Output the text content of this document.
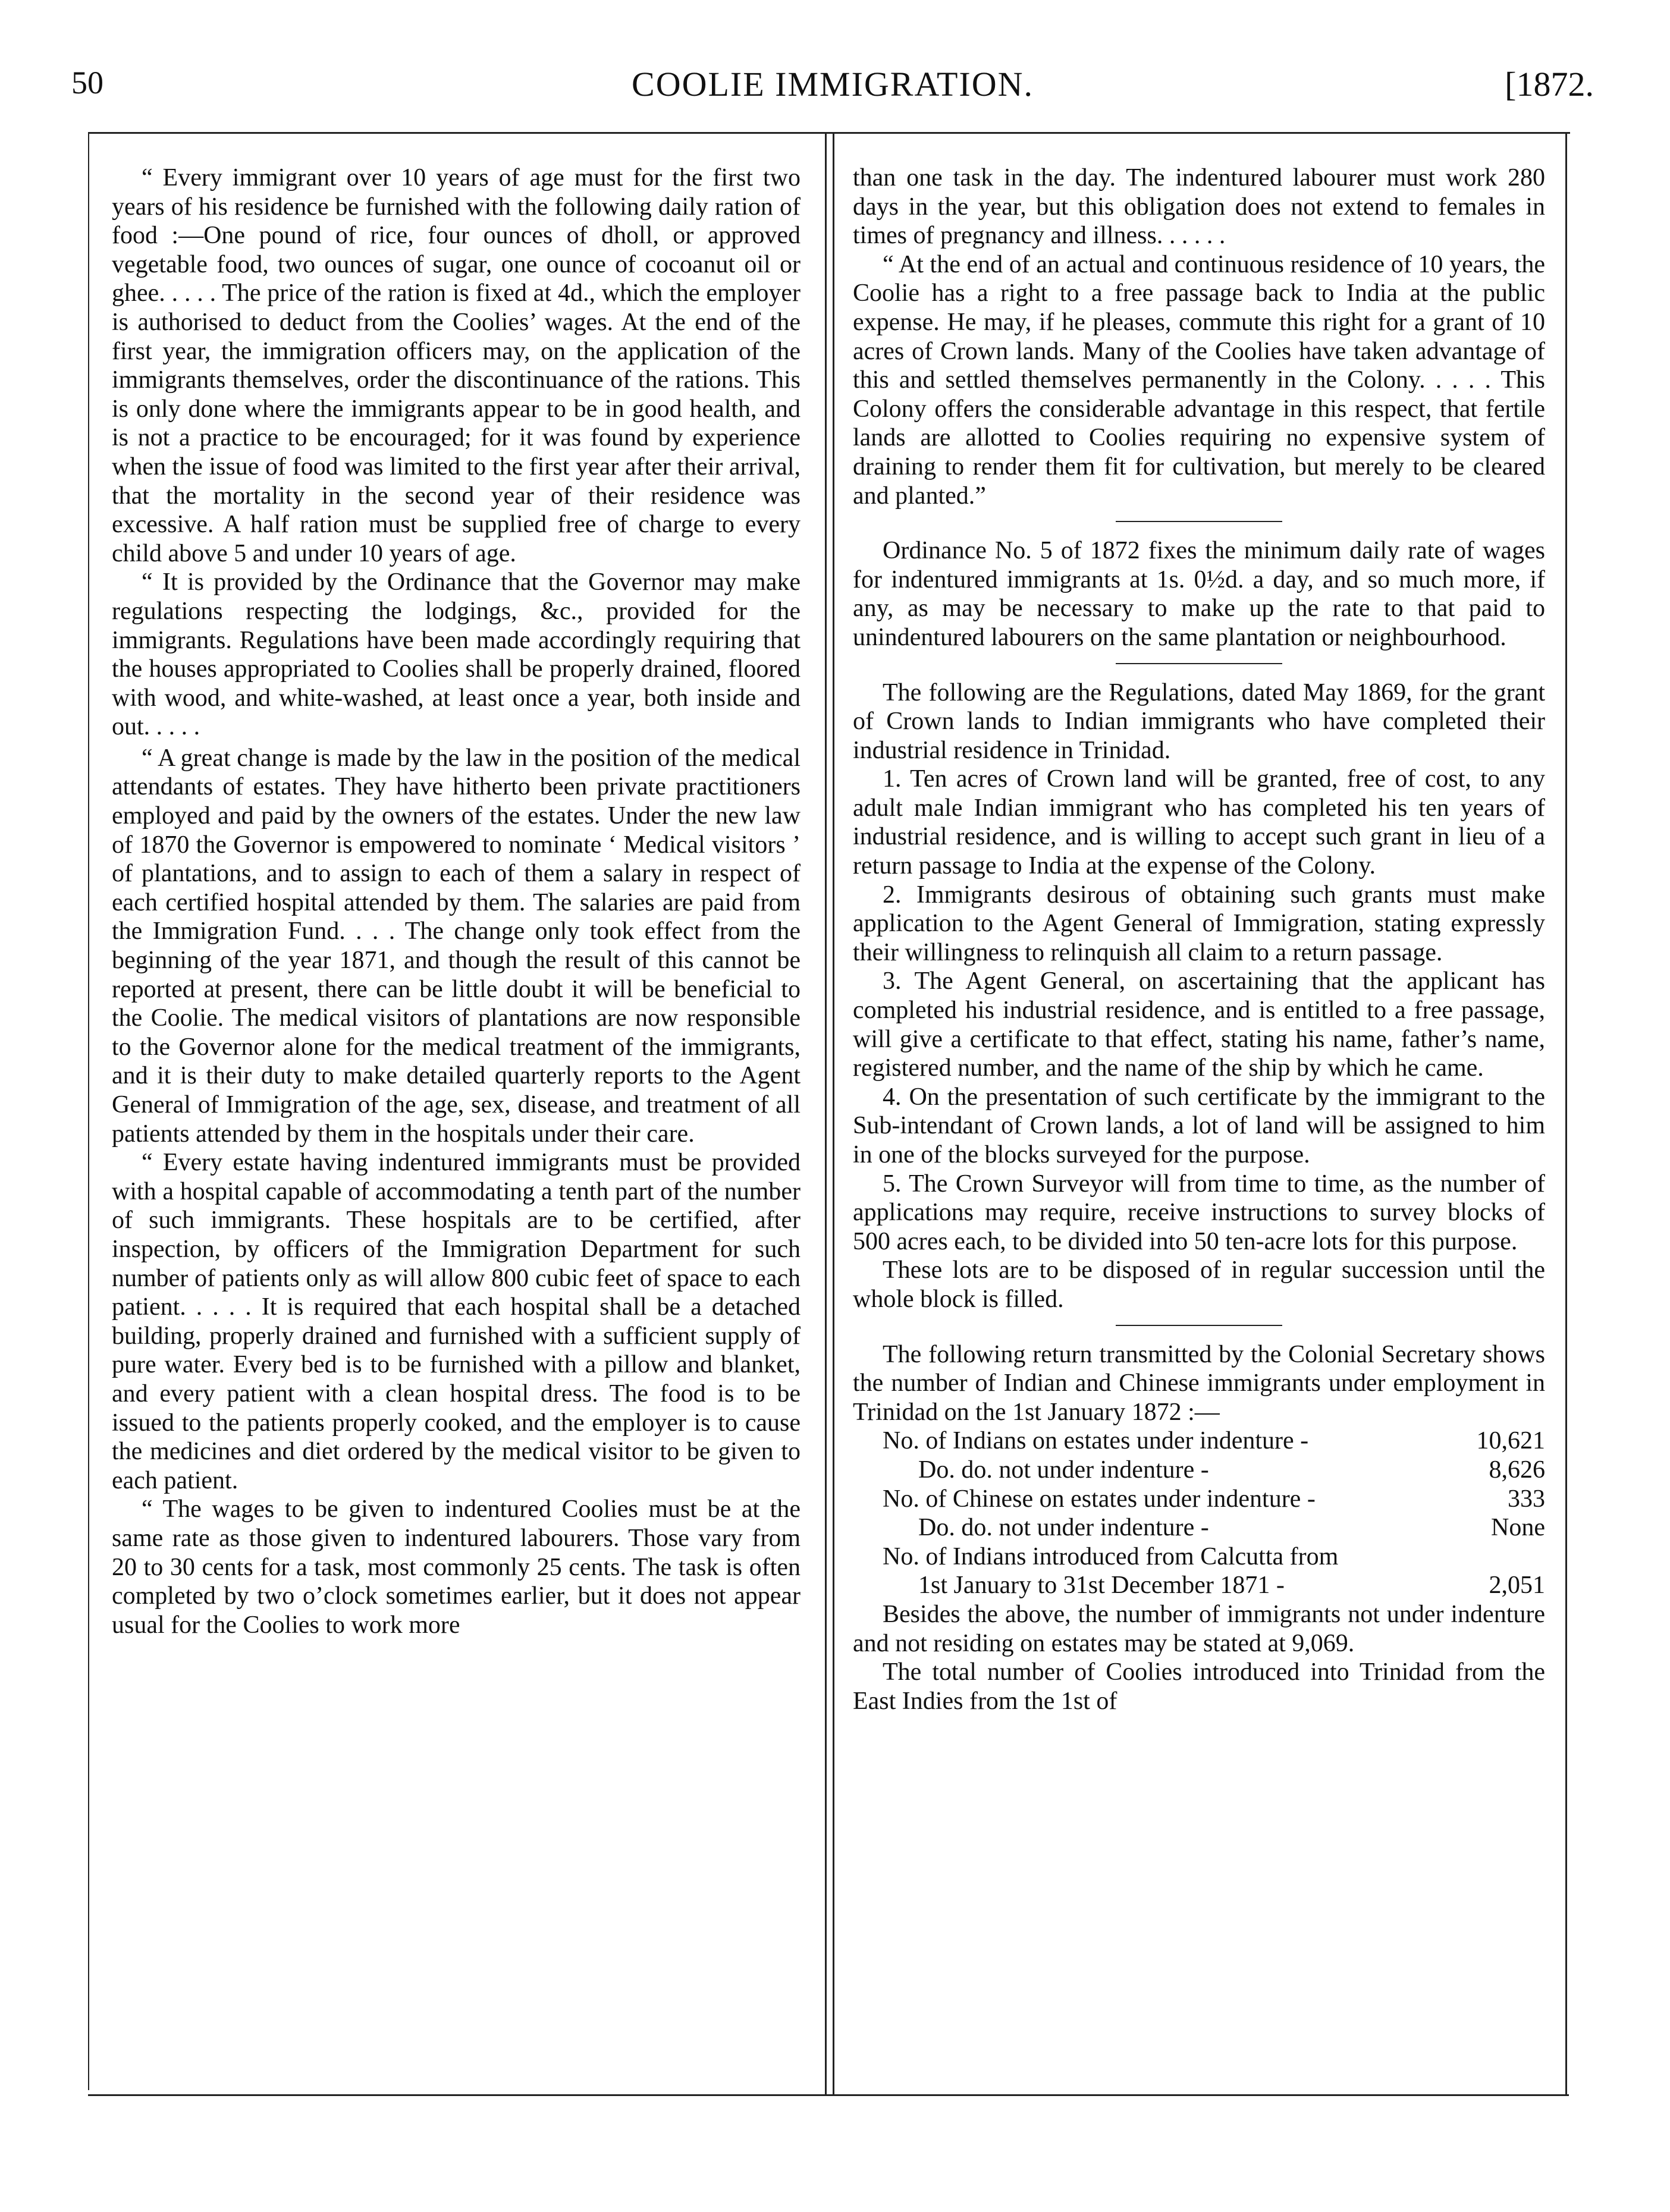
50	COOLIE IMMIGRATION.	[1872.

“ Every immigrant over 10 years of age must for the first two years of his residence be furnished with the following daily ration of food :—One pound of rice, four ounces of dholl, or approved vegetable food, two ounces of sugar, one ounce of cocoanut oil or ghee. . . . . The price of the ration is fixed at 4d., which the employer is authorised to deduct from the Coolies’ wages. At the end of the first year, the immigration officers may, on the application of the immigrants themselves, order the discontinuance of the rations. This is only done where the immigrants appear to be in good health, and is not a practice to be encouraged; for it was found by experience when the issue of food was limited to the first year after their arrival, that the mortality in the second year of their residence was excessive. A half ration must be supplied free of charge to every child above 5 and under 10 years of age.

“ It is provided by the Ordinance that the Governor may make regulations respecting the lodgings, &c., provided for the immigrants. Regulations have been made accordingly requiring that the houses appropriated to Coolies shall be properly drained, floored with wood, and white-washed, at least once a year, both inside and out. . . . .

“ A great change is made by the law in the position of the medical attendants of estates. They have hitherto been private practitioners employed and paid by the owners of the estates. Under the new law of 1870 the Governor is empowered to nominate ‘ Medical visitors ’ of plantations, and to assign to each of them a salary in respect of each certified hospital attended by them. The salaries are paid from the Immigration Fund. . . . The change only took effect from the beginning of the year 1871, and though the result of this cannot be reported at present, there can be little doubt it will be beneficial to the Coolie. The medical visitors of plantations are now responsible to the Governor alone for the medical treatment of the immigrants, and it is their duty to make detailed quarterly reports to the Agent General of Immigration of the age, sex, disease, and treatment of all patients attended by them in the hospitals under their care.

“ Every estate having indentured immigrants must be provided with a hospital capable of accommodating a tenth part of the number of such immigrants. These hospitals are to be certified, after inspection, by officers of the Immigration Department for such number of patients only as will allow 800 cubic feet of space to each patient. . . . . It is required that each hospital shall be a detached building, properly drained and furnished with a sufficient supply of pure water. Every bed is to be furnished with a pillow and blanket, and every patient with a clean hospital dress. The food is to be issued to the patients properly cooked, and the employer is to cause the medicines and diet ordered by the medical visitor to be given to each patient.

“ The wages to be given to indentured Coolies must be at the same rate as those given to indentured labourers. Those vary from 20 to 30 cents for a task, most commonly 25 cents. The task is often completed by two o’clock sometimes earlier, but it does not appear usual for the Coolies to work more

than one task in the day. The indentured labourer must work 280 days in the year, but this obligation does not extend to females in times of pregnancy and illness. . . . . .

“ At the end of an actual and continuous residence of 10 years, the Coolie has a right to a free passage back to India at the public expense. He may, if he pleases, commute this right for a grant of 10 acres of Crown lands. Many of the Coolies have taken advantage of this and settled themselves permanently in the Colony. . . . . This Colony offers the considerable advantage in this respect, that fertile lands are allotted to Coolies requiring no expensive system of draining to render them fit for cultivation, but merely to be cleared and planted.”

Ordinance No. 5 of 1872 fixes the minimum daily rate of wages for indentured immigrants at 1s. 0½d. a day, and so much more, if any, as may be necessary to make up the rate to that paid to unindentured labourers on the same plantation or neighbourhood.

The following are the Regulations, dated May 1869, for the grant of Crown lands to Indian immigrants who have completed their industrial residence in Trinidad.

1. Ten acres of Crown land will be granted, free of cost, to any adult male Indian immigrant who has completed his ten years of industrial residence, and is willing to accept such grant in lieu of a return passage to India at the expense of the Colony.

2. Immigrants desirous of obtaining such grants must make application to the Agent General of Immigration, stating expressly their willingness to relinquish all claim to a return passage.

3. The Agent General, on ascertaining that the applicant has completed his industrial residence, and is entitled to a free passage, will give a certificate to that effect, stating his name, father’s name, registered number, and the name of the ship by which he came.

4. On the presentation of such certificate by the immigrant to the Sub-intendant of Crown lands, a lot of land will be assigned to him in one of the blocks surveyed for the purpose.

5. The Crown Surveyor will from time to time, as the number of applications may require, receive instructions to survey blocks of 500 acres each, to be divided into 50 ten-acre lots for this purpose.

These lots are to be disposed of in regular succession until the whole block is filled.

The following return transmitted by the Colonial Secretary shows the number of Indian and Chinese immigrants under employment in Trinidad on the 1st January 1872 :—

No. of Indians on estates under indenture -	10,621
Do. do. not under indenture -	8,626
No. of Chinese on estates under indenture -	333
Do. do. not under indenture -	None
No. of Indians introduced from Calcutta from
1st January to 31st December 1871 -	2,051

Besides the above, the number of immigrants not under indenture and not residing on estates may be stated at 9,069.

The total number of Coolies introduced into Trinidad from the East Indies from the 1st of
